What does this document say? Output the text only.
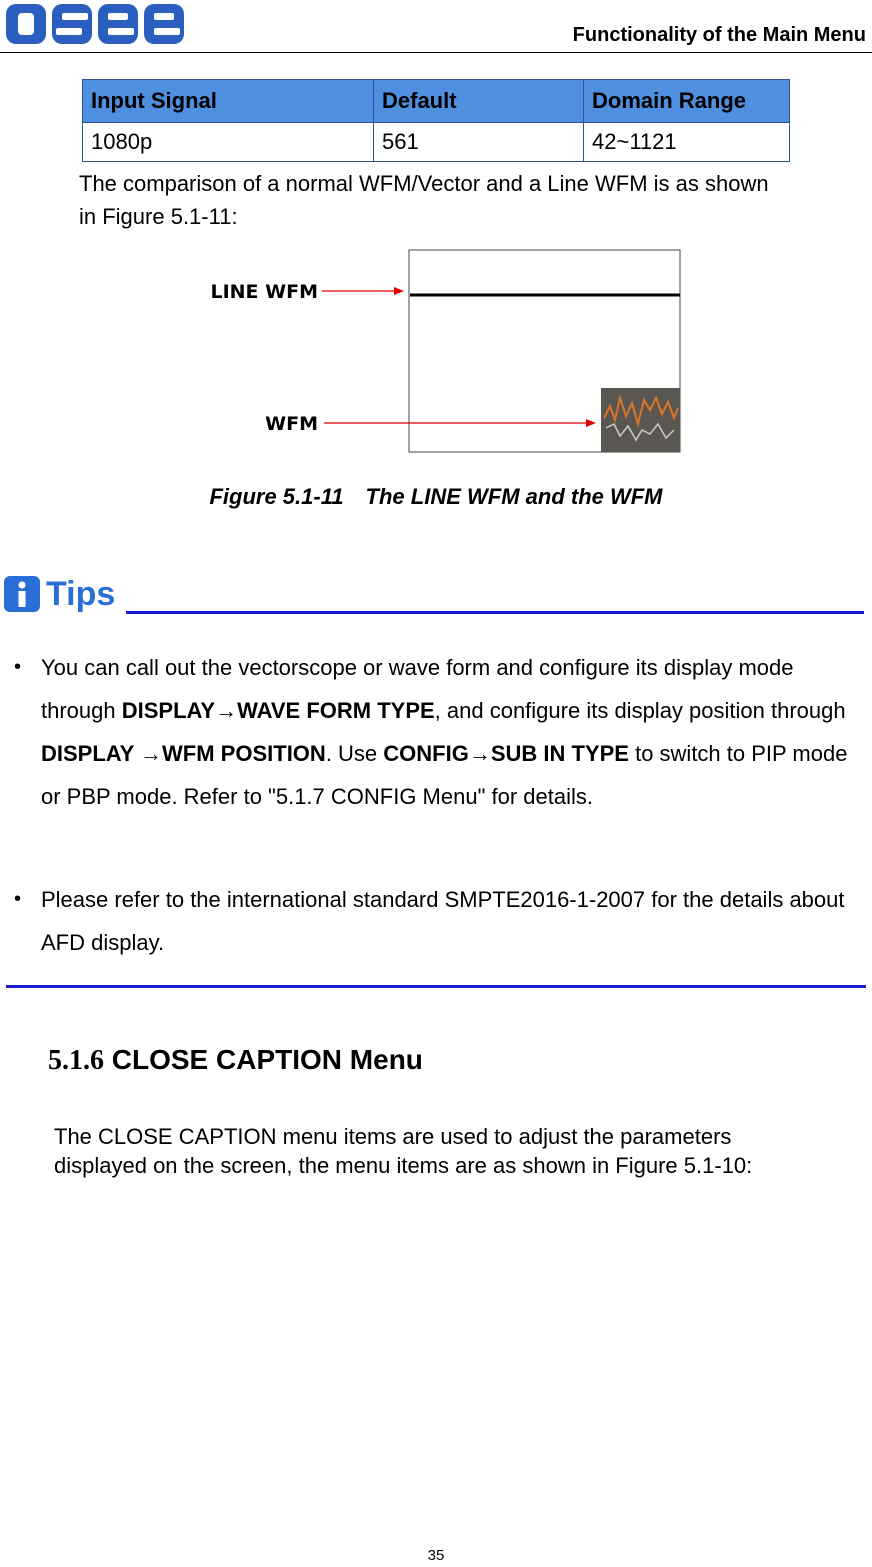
Functionality of the Main Menu
Input Signal	Default	Domain Range
1080p	561	42~1121
The comparison of a normal WFM/Vector and a Line WFM is as shown
in Figure 5.1-11:
LINE WFM
WFM
Figure 5.1-11 The LINE WFM and the WFM
Tips
• You can call out the vectorscope or wave form and configure its display mode through DISPLAY→WAVE FORM TYPE, and configure its display position through DISPLAY →WFM POSITION. Use CONFIG→SUB IN TYPE to switch to PIP mode or PBP mode. Refer to "5.1.7 CONFIG Menu" for details.
• Please refer to the international standard SMPTE2016-1-2007 for the details about AFD display.
5.1.6 CLOSE CAPTION Menu
The CLOSE CAPTION menu items are used to adjust the parameters
displayed on the screen, the menu items are as shown in Figure 5.1-10:
35
